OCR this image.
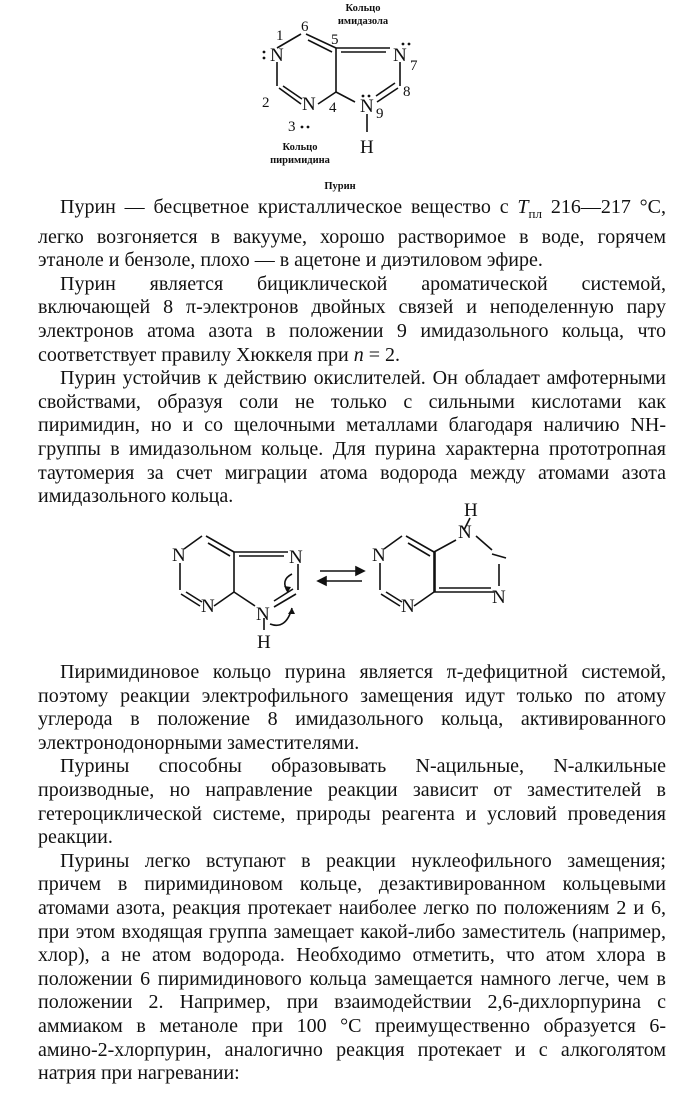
Кольцо
имидазола
Кольцо
пиримидина
Пурин
N
N
N
N
H
1
2
3
4
5
6
7
8
9

Пурин — бесцветное кристаллическое вещество с $T_{пл}$ 216—217 °С, легко возгоняется в вакууме, хорошо растворимое в воде, горячем этаноле и бензоле, плохо — в ацетоне и диэтиловом эфире.

Пурин является бициклической ароматической системой, включающей 8 π-электронов двойных связей и неподеленную пару электронов атома азота в положении 9 имидазольного кольца, что соответствует правилу Хюккеля при n = 2.

Пурин устойчив к действию окислителей. Он обладает амфотерными свойствами, образуя соли не только с сильными кислотами как пиримидин, но и со щелочными металлами благодаря наличию NH-группы в имидазольном кольце. Для пурина характерна прототропная таутомерия за счет миграции атома водорода между атомами азота имидазольного кольца.

N
N
N
N
H
N
N	N
N
H

Пиримидиновое кольцо пурина является π-дефицитной системой, поэтому реакции электрофильного замещения идут только по атому углерода в положение 8 имидазольного кольца, активированного электронодонорными заместителями.

Пурины способны образовывать N-ацильные, N-алкильные производные, но направление реакции зависит от заместителей в гетероциклической системе, природы реагента и условий проведения реакции.

Пурины легко вступают в реакции нуклеофильного замещения; причем в пиримидиновом кольце, дезактивированном кольцевыми атомами азота, реакция протекает наиболее легко по положениям 2 и 6, при этом входящая группа замещает какой-либо заместитель (например, хлор), а не атом водорода. Необходимо отметить, что атом хлора в положении 6 пиримидинового кольца замещается намного легче, чем в положении 2. Например, при взаимодействии 2,6-дихлорпурина с аммиаком в метаноле при 100 °С преимущественно образуется 6-амино-2-хлорпурин, аналогично реакция протекает и с алкоголятом натрия при нагревании:
